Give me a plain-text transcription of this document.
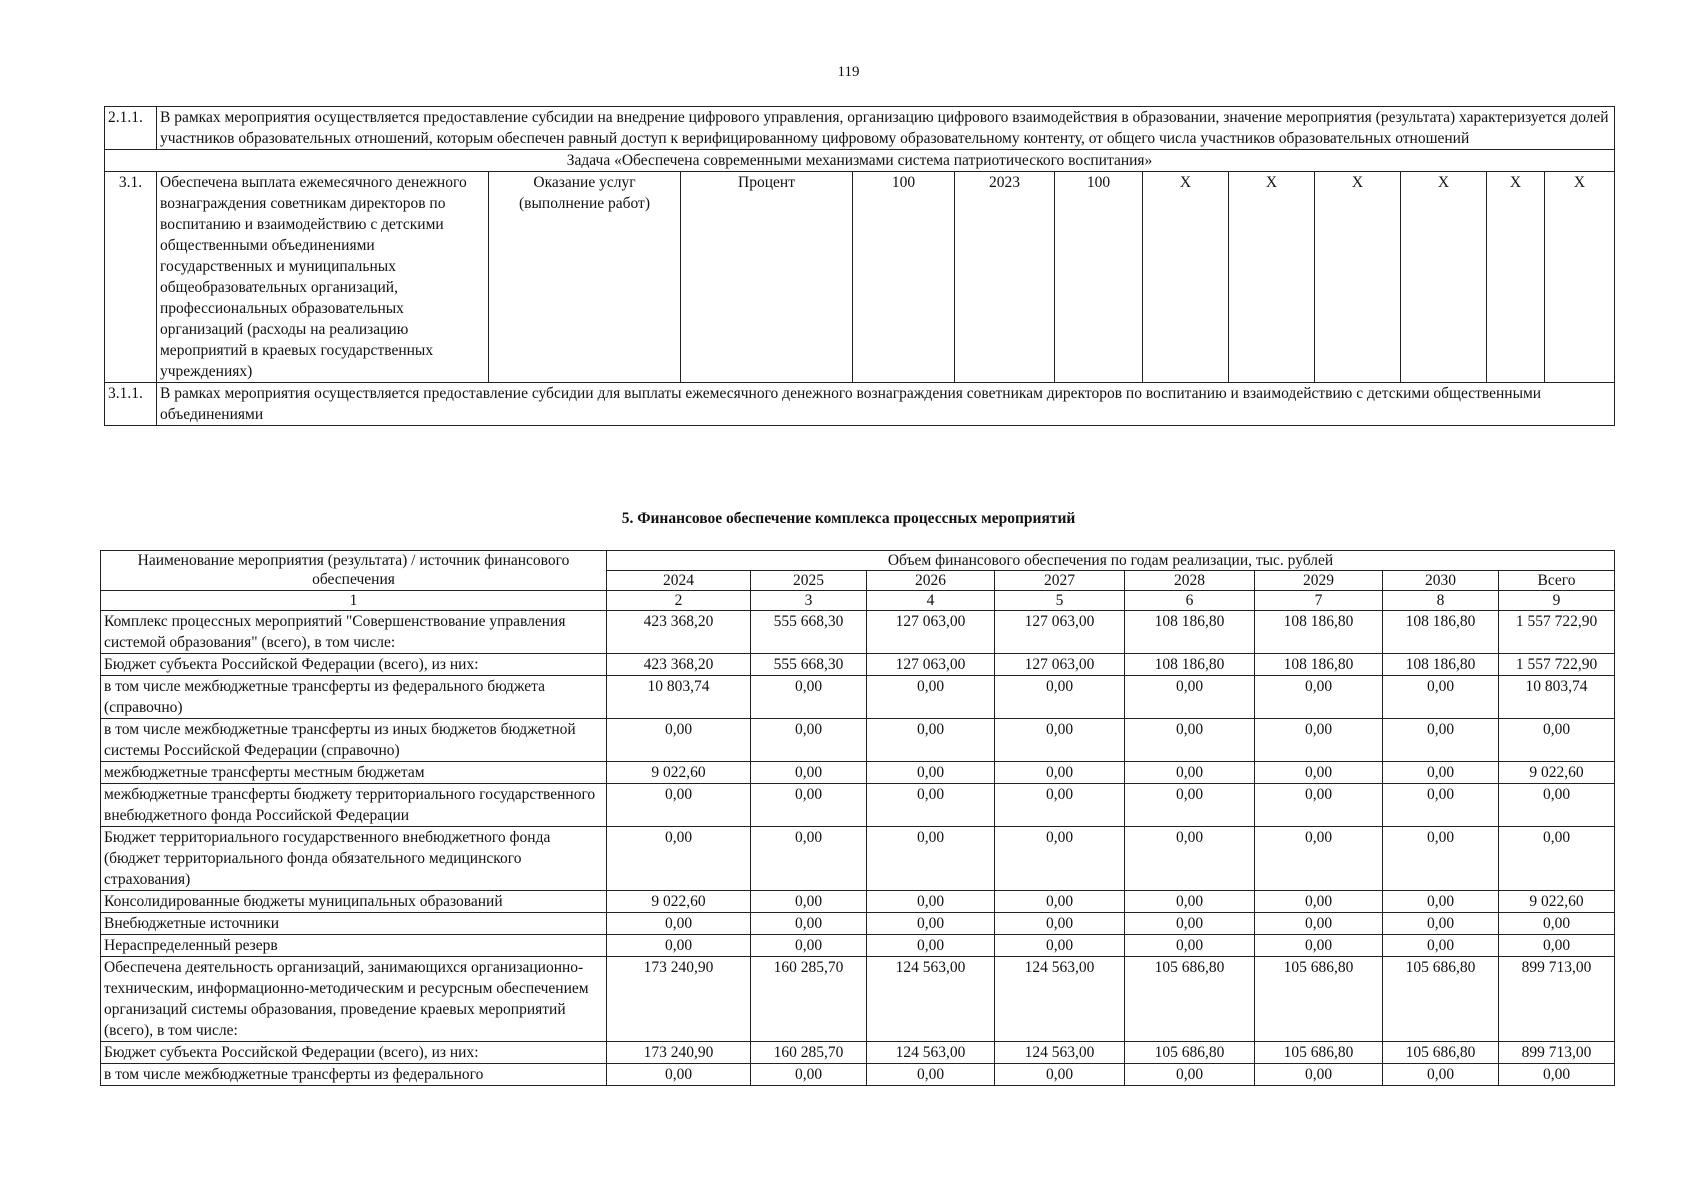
119
2.1.1.	В рамках мероприятия осуществляется предоставление субсидии на внедрение цифрового управления, организацию цифрового взаимодействия в образовании, значение мероприятия (результата) характеризуется долей участников образовательных отношений, которым обеспечен равный доступ к верифицированному цифровому образовательному контенту, от общего числа участников образовательных отношений											
Задача «Обеспечена современными механизмами система патриотического воспитания»												
3.1.	Обеспечена выплата ежемесячного денежного вознаграждения советникам директоров по воспитанию и взаимодействию с детскими общественными объединениями государственных и муниципальных общеобразовательных организаций, профессиональных образовательных организаций (расходы на реализацию мероприятий в краевых государственных учреждениях)	Оказание услуг (выполнение работ)	Процент	100	2023	100	Х	Х	Х	Х	Х	Х
3.1.1.	В рамках мероприятия осуществляется предоставление субсидии для выплаты ежемесячного денежного вознаграждения советникам директоров по воспитанию и взаимодействию с детскими общественными объединениями											
5. Финансовое обеспечение комплекса процессных мероприятий
Наименование мероприятия (результата) / источник финансового обеспечения	Объем финансового обеспечения по годам реализации, тыс. рублей							
	2024	2025	2026	2027	2028	2029	2030	Всего
1	2	3	4	5	6	7	8	9
Комплекс процессных мероприятий "Совершенствование управления системой образования" (всего), в том числе:	423 368,20	555 668,30	127 063,00	127 063,00	108 186,80	108 186,80	108 186,80	1 557 722,90
Бюджет субъекта Российской Федерации (всего), из них:	423 368,20	555 668,30	127 063,00	127 063,00	108 186,80	108 186,80	108 186,80	1 557 722,90
в том числе межбюджетные трансферты из федерального бюджета (справочно)	10 803,74	0,00	0,00	0,00	0,00	0,00	0,00	10 803,74
в том числе межбюджетные трансферты из иных бюджетов бюджетной системы Российской Федерации (справочно)	0,00	0,00	0,00	0,00	0,00	0,00	0,00	0,00
межбюджетные трансферты местным бюджетам	9 022,60	0,00	0,00	0,00	0,00	0,00	0,00	9 022,60
межбюджетные трансферты бюджету территориального государственного внебюджетного фонда Российской Федерации	0,00	0,00	0,00	0,00	0,00	0,00	0,00	0,00
Бюджет территориального государственного внебюджетного фонда (бюджет территориального фонда обязательного медицинского страхования)	0,00	0,00	0,00	0,00	0,00	0,00	0,00	0,00
Консолидированные бюджеты муниципальных образований	9 022,60	0,00	0,00	0,00	0,00	0,00	0,00	9 022,60
Внебюджетные источники	0,00	0,00	0,00	0,00	0,00	0,00	0,00	0,00
Нераспределенный резерв	0,00	0,00	0,00	0,00	0,00	0,00	0,00	0,00
Обеспечена деятельность организаций, занимающихся организационно-техническим, информационно-методическим и ресурсным обеспечением организаций системы образования, проведение краевых мероприятий (всего), в том числе:	173 240,90	160 285,70	124 563,00	124 563,00	105 686,80	105 686,80	105 686,80	899 713,00
Бюджет субъекта Российской Федерации (всего), из них:	173 240,90	160 285,70	124 563,00	124 563,00	105 686,80	105 686,80	105 686,80	899 713,00
в том числе межбюджетные трансферты из федерального	0,00	0,00	0,00	0,00	0,00	0,00	0,00	0,00
